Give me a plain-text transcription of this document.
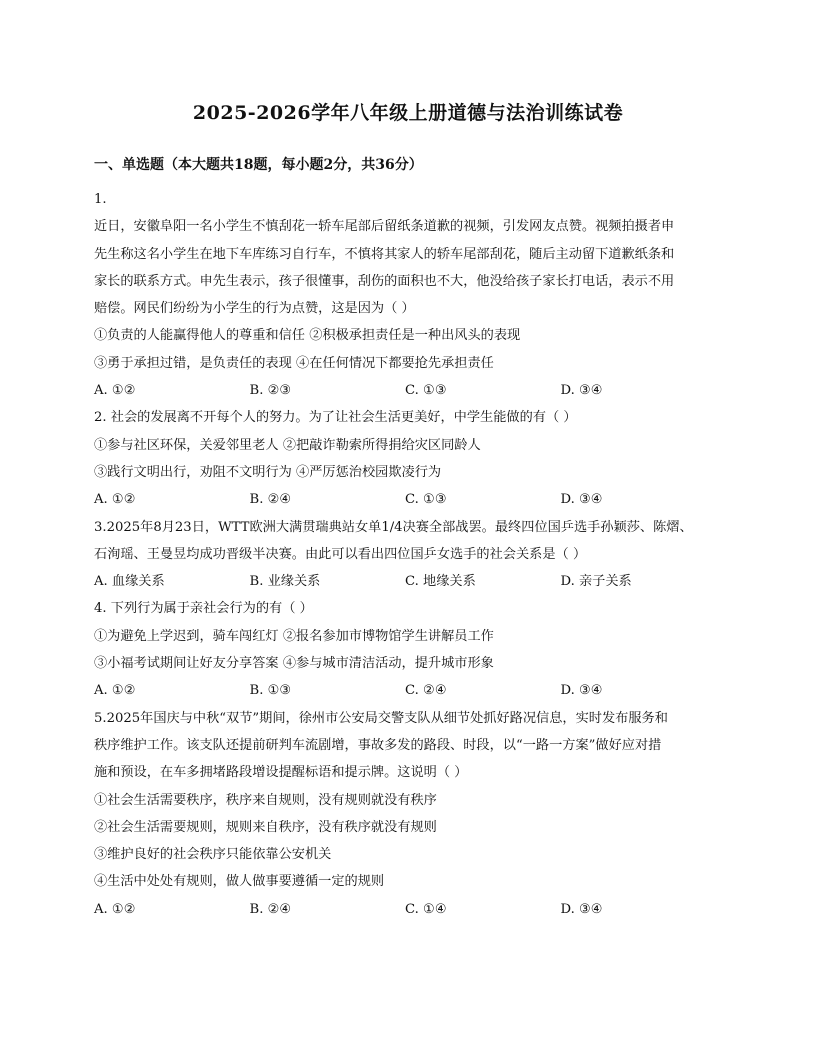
2025-2026学年八年级上册道德与法治训练试卷
一、单选题（本大题共18题，每小题2分，共36分）
1.
近日，安徽阜阳一名小学生不慎刮花一轿车尾部后留纸条道歉的视频，引发网友点赞。视频拍摄者申
先生称这名小学生在地下车库练习自行车，不慎将其家人的轿车尾部刮花，随后主动留下道歉纸条和
家长的联系方式。申先生表示，孩子很懂事，刮伤的面积也不大，他没给孩子家长打电话，表示不用
赔偿。网民们纷纷为小学生的行为点赞，这是因为（ ）
①负责的人能赢得他人的尊重和信任 ②积极承担责任是一种出风头的表现
③勇于承担过错，是负责任的表现 ④在任何情况下都要抢先承担责任
A. ①②	B. ②③	C. ①③	D. ③④
2. 社会的发展离不开每个人的努力。为了让社会生活更美好，中学生能做的有（ ）
①参与社区环保，关爱邻里老人 ②把敲诈勒索所得捐给灾区同龄人
③践行文明出行，劝阻不文明行为 ④严厉惩治校园欺凌行为
A. ①②	B. ②④	C. ①③	D. ③④
3.2025年8月23日，WTT欧洲大满贯瑞典站女单1/4决赛全部战罢。最终四位国乒选手孙颖莎、陈熠、
石洵瑶、王曼昱均成功晋级半决赛。由此可以看出四位国乒女选手的社会关系是（ ）
A. 血缘关系	B. 业缘关系	C. 地缘关系	D. 亲子关系
4. 下列行为属于亲社会行为的有（ ）
①为避免上学迟到，骑车闯红灯 ②报名参加市博物馆学生讲解员工作
③小福考试期间让好友分享答案 ④参与城市清洁活动，提升城市形象
A. ①②	B. ①③	C. ②④	D. ③④
5.2025年国庆与中秋“双节”期间，徐州市公安局交警支队从细节处抓好路况信息，实时发布服务和
秩序维护工作。该支队还提前研判车流剧增，事故多发的路段、时段，以“一路一方案”做好应对措
施和预设，在车多拥堵路段增设提醒标语和提示牌。这说明（ ）
①社会生活需要秩序，秩序来自规则，没有规则就没有秩序
②社会生活需要规则，规则来自秩序，没有秩序就没有规则
③维护良好的社会秩序只能依靠公安机关
④生活中处处有规则，做人做事要遵循一定的规则
A. ①②	B. ②④	C. ①④	D. ③④
